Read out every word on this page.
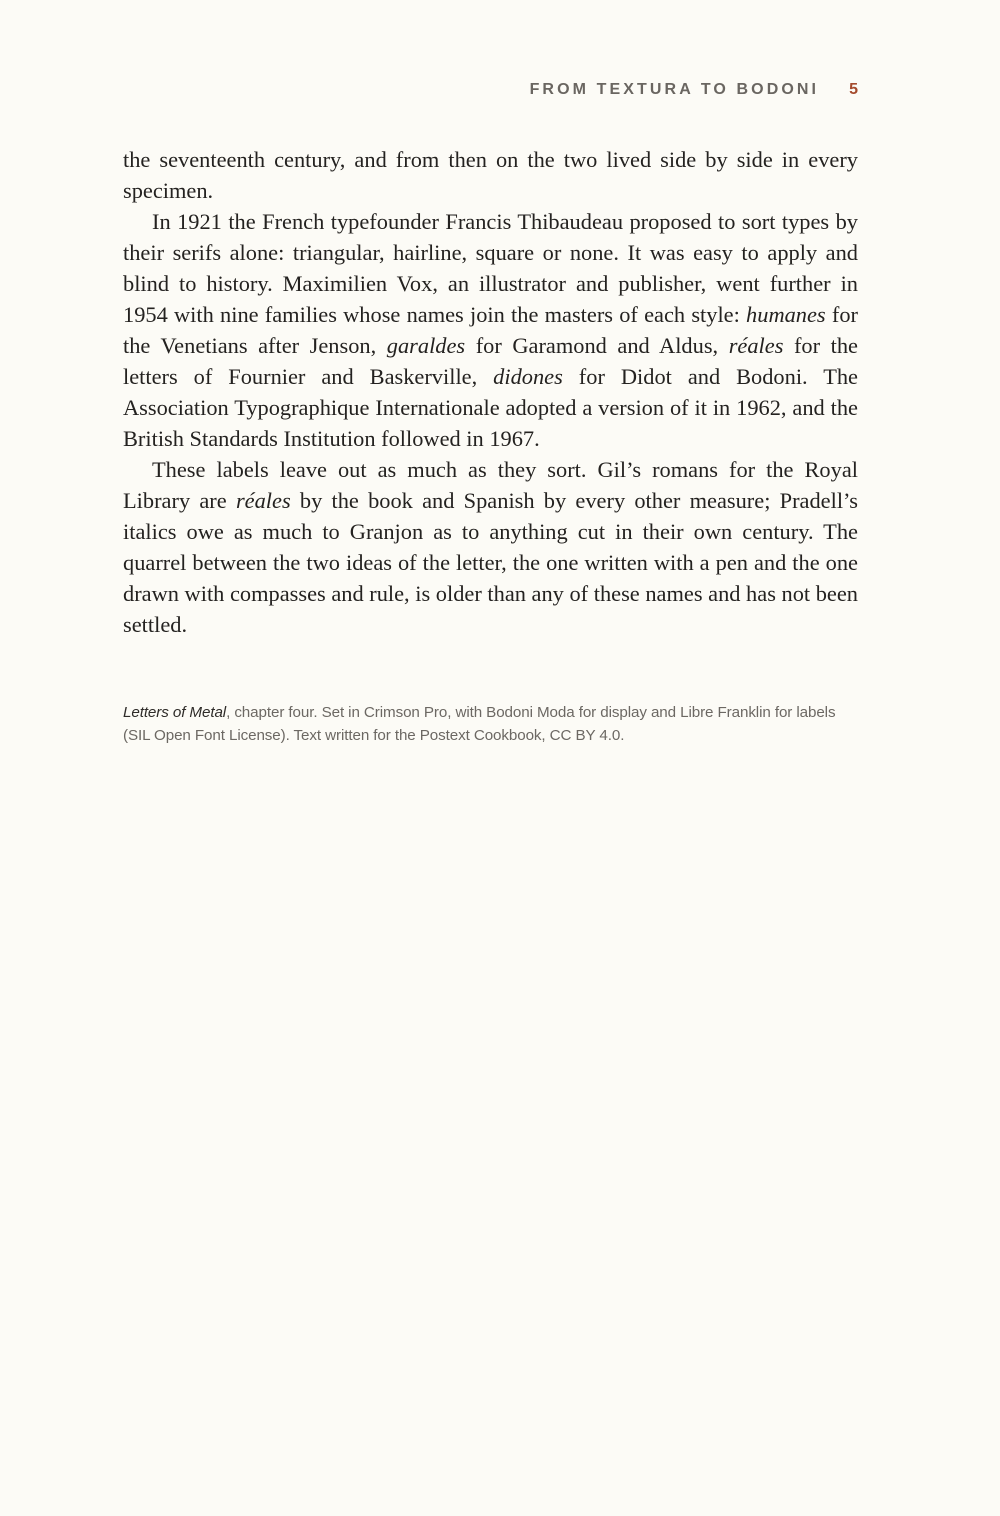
FROM TEXTURA TO BODONI 5

the seventeenth century, and from then on the two lived side by side in every specimen.

In 1921 the French typefounder Francis Thibaudeau proposed to sort types by their serifs alone: triangular, hairline, square or none. It was easy to apply and blind to history. Maximilien Vox, an illustrator and publisher, went further in 1954 with nine families whose names join the masters of each style: humanes for the Venetians after Jenson, garaldes for Garamond and Aldus, réales for the letters of Fournier and Baskerville, didones for Didot and Bodoni. The Association Typographique Internationale adopted a version of it in 1962, and the British Standards Institution followed in 1967.

These labels leave out as much as they sort. Gil’s romans for the Royal Library are réales by the book and Spanish by every other measure; Pradell’s italics owe as much to Granjon as to anything cut in their own century. The quarrel between the two ideas of the letter, the one written with a pen and the one drawn with compasses and rule, is older than any of these names and has not been settled.

Letters of Metal, chapter four. Set in Crimson Pro, with Bodoni Moda for display and Libre Franklin for labels (SIL Open Font License). Text written for the Postext Cookbook, CC BY 4.0.
